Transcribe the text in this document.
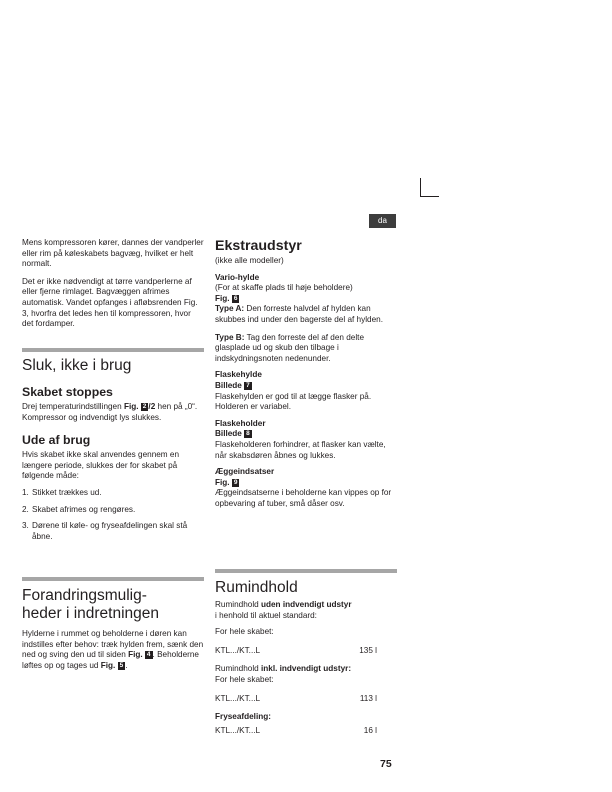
da

Mens kompressoren kører, dannes der vandperler eller rim på køleskabets bagvæg, hvilket er helt normalt.

Det er ikke nødvendigt at tørre vandperlerne af eller fjerne rimlaget. Bagvæggen afrimes automatisk. Vandet opfanges i afløbsrenden Fig. 3, hvorfra det ledes hen til kompressoren, hvor det fordamper.

Sluk, ikke i brug
Skabet stoppes

Drej temperaturindstillingen Fig. 2 /2 hen på „0“. Kompressor og indvendigt lys slukkes.

Ude af brug

Hvis skabet ikke skal anvendes gennem en længere periode, slukkes der for skabet på følgende måde:

1. Stikket trækkes ud.
2. Skabet afrimes og rengøres.
3. Dørene til køle- og fryseafdelingen skal stå åbne.
Forandringsmulig-
heder i indretningen

Hylderne i rummet og beholderne i døren kan indstilles efter behov: træk hylden frem, sænk den ned og sving den ud til siden Fig. 4 . Beholderne løftes op og tages ud Fig. 5 .

Ekstraudstyr

(ikke alle modeller)

Vario-hylde

(For at skaffe plads til høje beholdere)

Fig. 6

Type A: Den forreste halvdel af hylden kan skubbes ind under den bagerste del af hylden.

Type B: Tag den forreste del af den delte glasplade ud og skub den tilbage i indskydningsnoten nedenunder.

Flaskehylde

Billede 7

Flaskehylden er god til at lægge flasker på. Holderen er variabel.

Flaskeholder

Billede 8

Flaskeholderen forhindrer, at flasker kan vælte, når skabsdøren åbnes og lukkes.

Æggeindsatser

Fig. 9

Æggeindsatserne i beholderne kan vippes op for opbevaring af tuber, små dåser osv.

Rumindhold

Rumindhold uden indvendigt udstyr

i henhold til aktuel standard:

For hele skabet:

KTL.../KT...L	135 l

Rumindhold inkl. indvendigt udstyr:

For hele skabet:

KTL.../KT...L	113 l

Fryseafdeling:

KTL.../KT...L	16 l
75
